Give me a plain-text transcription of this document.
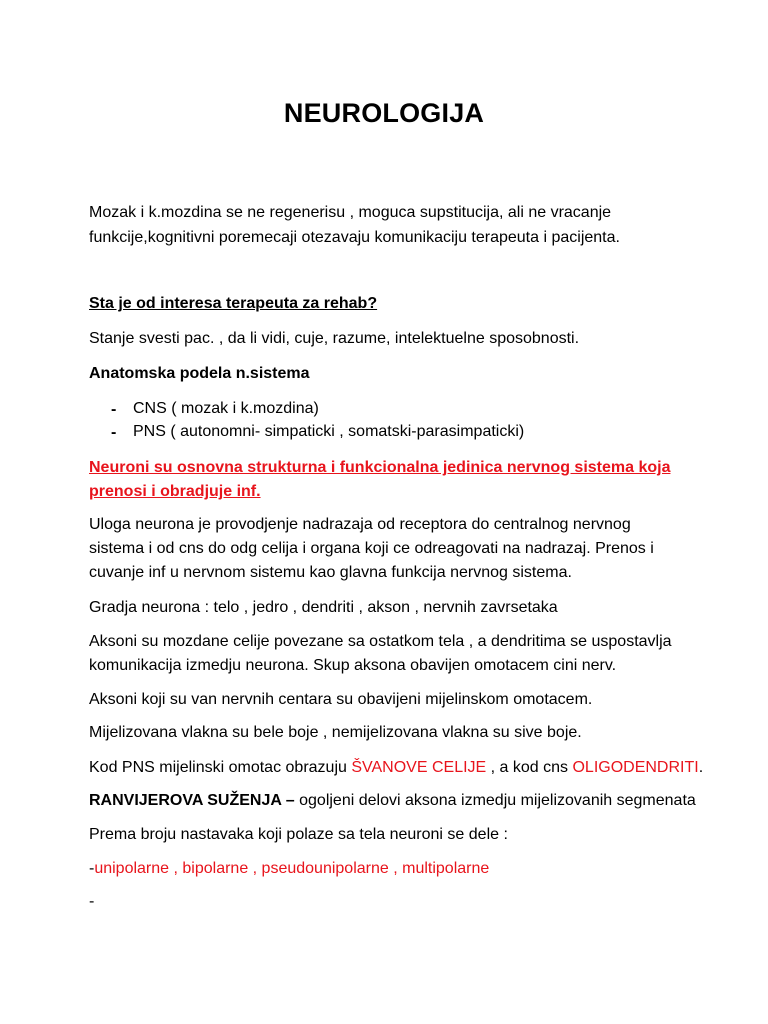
NEUROLOGIJA
Mozak i k.mozdina se ne regenerisu , moguca supstitucija, ali ne vracanje
funkcije,kognitivni poremecaji otezavaju komunikaciju terapeuta i pacijenta.
Sta je od interesa terapeuta za rehab?
Stanje svesti pac. , da li vidi, cuje, razume, intelektuelne sposobnosti.
Anatomska podela n.sistema
-	CNS ( mozak i k.mozdina)
-	PNS ( autonomni- simpaticki , somatski-parasimpaticki)
Neuroni su osnovna strukturna i funkcionalna jedinica nervnog sistema koja
prenosi i obradjuje inf.
Uloga neurona je provodjenje nadrazaja od receptora do centralnog nervnog
sistema i od cns do odg celija i organa koji ce odreagovati na nadrazaj. Prenos i
cuvanje inf u nervnom sistemu kao glavna funkcija nervnog sistema.
Gradja neurona : telo , jedro , dendriti , akson , nervnih zavrsetaka
Aksoni su mozdane celije povezane sa ostatkom tela , a dendritima se uspostavlja
komunikacija izmedju neurona. Skup aksona obavijen omotacem cini nerv.
Aksoni koji su van nervnih centara su obavijeni mijelinskom omotacem.
Mijelizovana vlakna su bele boje , nemijelizovana vlakna su sive boje.
Kod PNS mijelinski omotac obrazuju ŠVANOVE CELIJE , a kod cns OLIGODENDRITI.
RANVIJEROVA SUŽENJA – ogoljeni delovi aksona izmedju mijelizovanih segmenata
Prema broju nastavaka koji polaze sa tela neuroni se dele :
-unipolarne , bipolarne , pseudounipolarne , multipolarne
-
